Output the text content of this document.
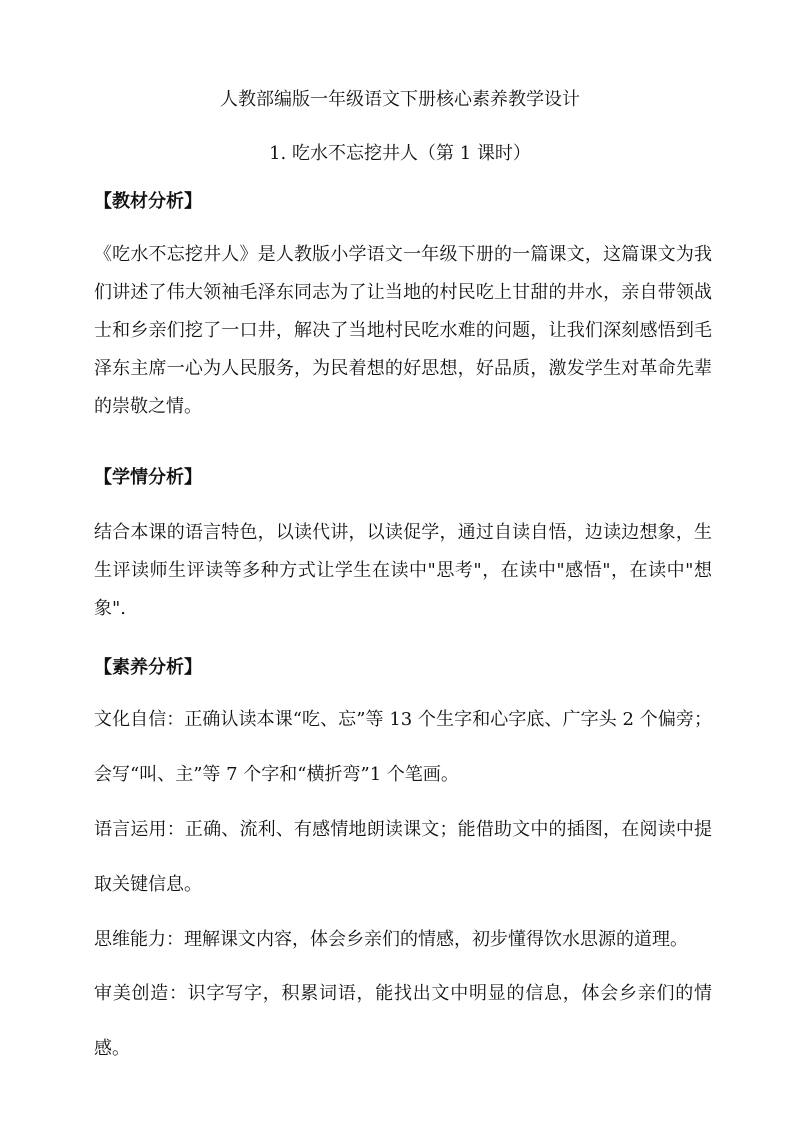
人教部编版一年级语文下册核心素养教学设计
1. 吃水不忘挖井人（第 1 课时）
【教材分析】

《吃水不忘挖井人》是人教版小学语文一年级下册的一篇课文，这篇课文为我们讲述了伟大领袖毛泽东同志为了让当地的村民吃上甘甜的井水，亲自带领战士和乡亲们挖了一口井，解决了当地村民吃水难的问题，让我们深刻感悟到毛泽东主席一心为人民服务，为民着想的好思想，好品质，激发学生对革命先辈的崇敬之情。

【学情分析】

结合本课的语言特色，以读代讲，以读促学，通过自读自悟，边读边想象，生生评读师生评读等多种方式让学生在读中"思考"，在读中"感悟"，在读中"想象".

【素养分析】

文化自信：正确认读本课“吃、忘”等 13 个生字和心字底、广字头 2 个偏旁；会写“叫、主”等 7 个字和“横折弯”1 个笔画。

语言运用：正确、流利、有感情地朗读课文；能借助文中的插图，在阅读中提取关键信息。

思维能力：理解课文内容，体会乡亲们的情感，初步懂得饮水思源的道理。

审美创造：识字写字，积累词语，能找出文中明显的信息，体会乡亲们的情感。
